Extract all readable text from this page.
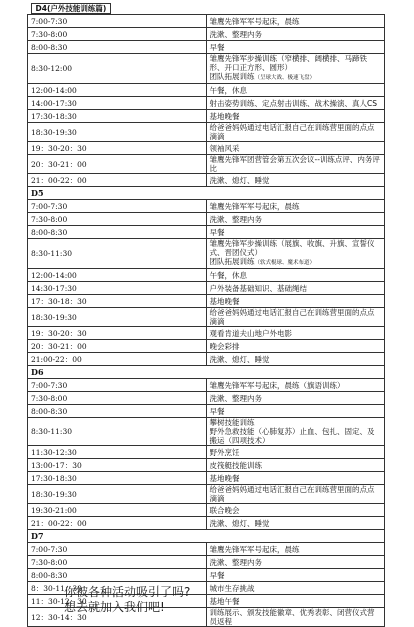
D4(户外技能训练篇)	
7:00-7:30	雏鹰先锋军军号起床，晨练

7:30-8:00	洗漱、整理内务

8:00-8:30	早餐

8:30-12:00	雏鹰先锋军步操训练（窄横排、阔横排、马蹄铁形、开口正方形、圆形）
团队拓展训练（呈球大战、极速飞盘）

12:00-14:00	午餐，休息

14:00-17:30	射击姿势训练、定点射击训练、战术操演、真人CS

17:30-18:30	基地晚餐

18:30-19:30	给爸爸妈妈通过电话汇报自己在训练营里面的点点滴滴

19：30-20：30	领袖风采

20：30-21：00	雏鹰先锋军团营管会第五次会议--训练点评、内务评比

21：00-22：00	洗漱、熄灯、睡觉

D5	
7:00-7:30	雏鹰先锋军军号起床，晨练

7:30-8:00	洗漱、整理内务

8:00-8:30	早餐

8:30-11:30	雏鹰先锋军步操训练（展旗、收旗、升旗、宣誓仪式、晋团仪式）
团队拓展训练（软式棍球、魔术布道）

12:00-14:00	午餐，休息

14:30-17:30	户外装备基础知识、基础绳结

17：30-18：30	基地晚餐

18:30-19:30	给爸爸妈妈通过电话汇报自己在训练营里面的点点滴滴

19：30-20：30	观看肯道夫山地户外电影

20：30-21：00	晚会彩排

21:00-22：00	洗漱、熄灯、睡觉

D6	
7:00-7:30	雏鹰先锋军军号起床，晨练（旗语训练）

7:30-8:00	洗漱、整理内务

8:00-8:30	早餐

8:30-11:30	攀树技能训练
野外急救技能（心肺复苏）止血、包扎、固定、及搬运（四项技术）

11:30-12:30	野外烹饪

13:00-17：30	皮筏艇技能训练

17:30-18:30	基地晚餐

18:30-19:30	给爸爸妈妈通过电话汇报自己在训练营里面的点点滴滴

19:30-21:00	联合晚会

21：00-22：00	洗漱、熄灯、睡觉

D7	
7:00-7:30	雏鹰先锋军军号起床，晨练

7:30-8:00	洗漱、整理内务

8:00-8:30	早餐

8：30-11：30	城市生存挑战

11：30-12：30	基地午餐

12：30-14：30	训练展示、颁发技能徽章、优秀表彰、闭营仪式营员返程
你被各种活动吸引了吗?
想去就加入我们吧!
